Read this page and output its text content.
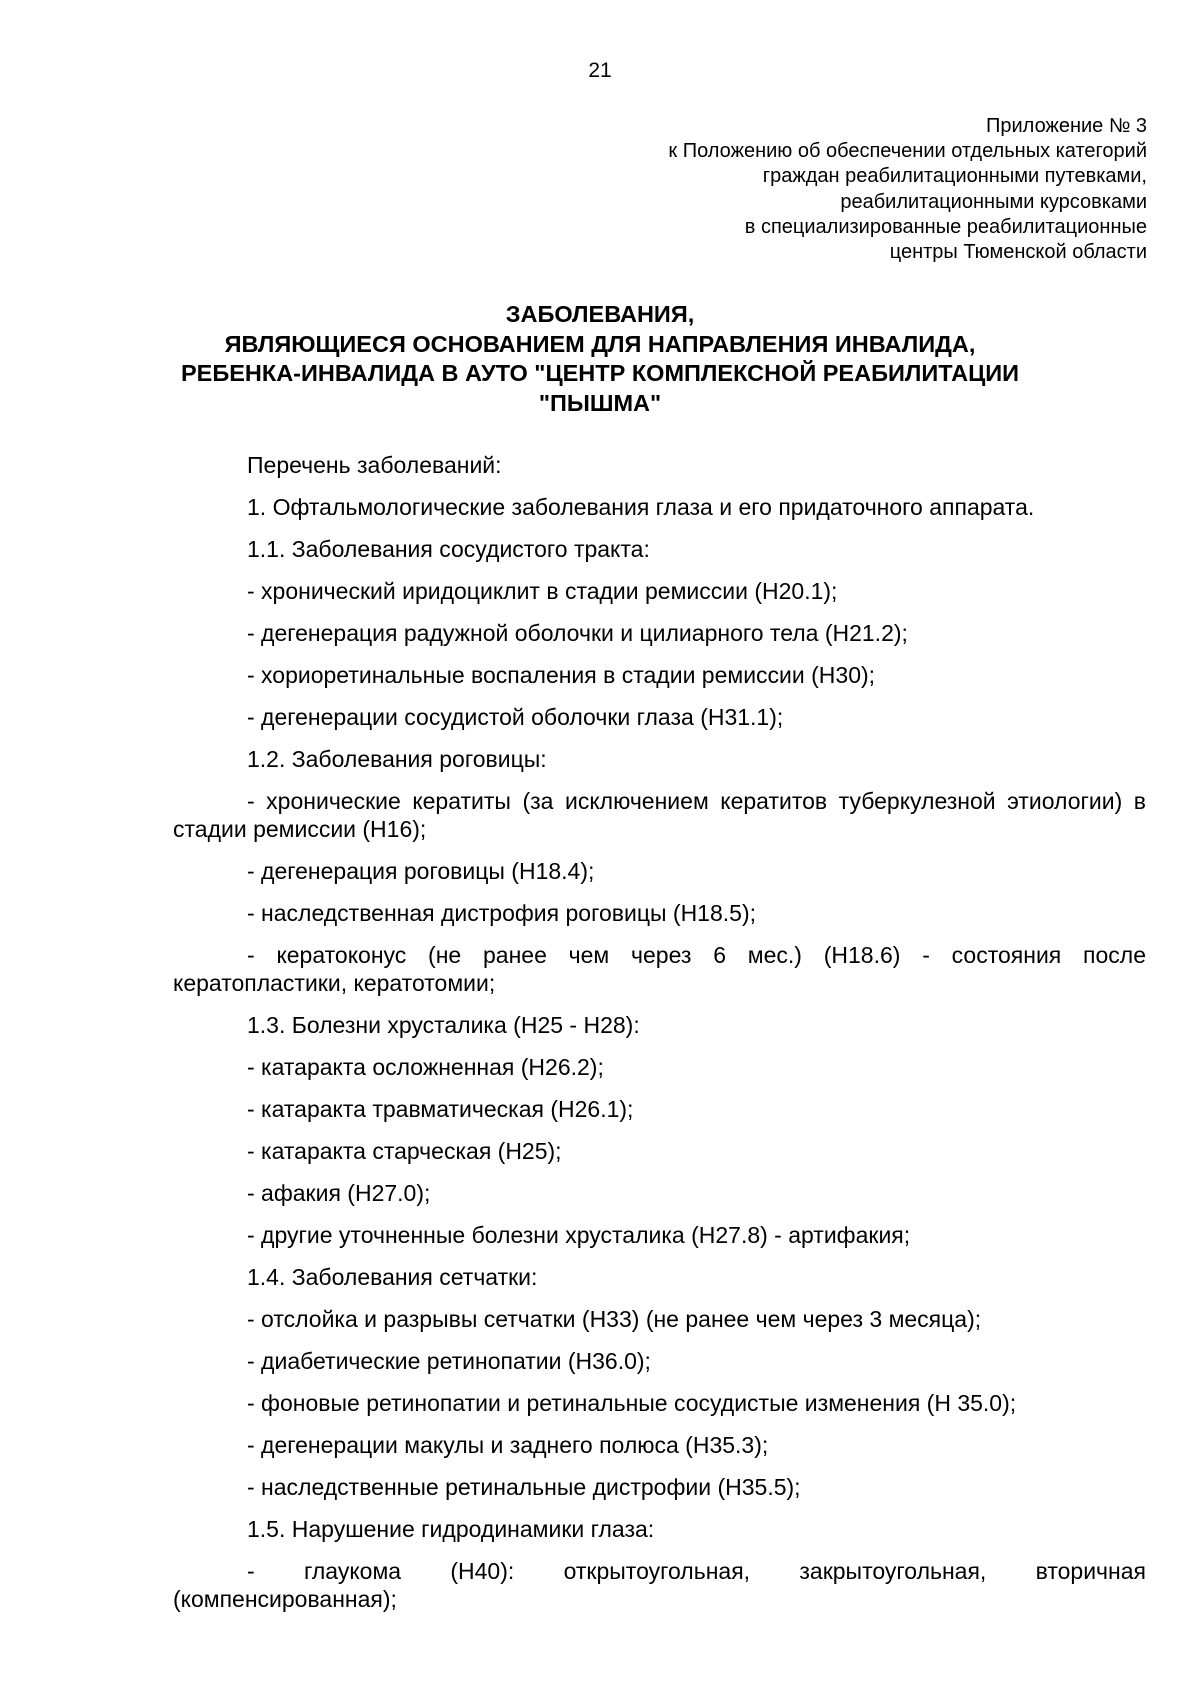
21
Приложение № 3
к Положению об обеспечении отдельных категорий
граждан реабилитационными путевками,
реабилитационными курсовками
в специализированные реабилитационные
центры Тюменской области
ЗАБОЛЕВАНИЯ,
ЯВЛЯЮЩИЕСЯ ОСНОВАНИЕМ ДЛЯ НАПРАВЛЕНИЯ ИНВАЛИДА,
РЕБЕНКА-ИНВАЛИДА В АУТО "ЦЕНТР КОМПЛЕКСНОЙ РЕАБИЛИТАЦИИ
"ПЫШМА"

Перечень заболеваний:

1. Офтальмологические заболевания глаза и его придаточного аппарата.

1.1. Заболевания сосудистого тракта:

- хронический иридоциклит в стадии ремиссии (H20.1);

- дегенерация радужной оболочки и цилиарного тела (H21.2);

- хориоретинальные воспаления в стадии ремиссии (H30);

- дегенерации сосудистой оболочки глаза (H31.1);

1.2. Заболевания роговицы:

- хронические кератиты (за исключением кератитов туберкулезной этиологии) в стадии ремиссии (H16);

- дегенерация роговицы (H18.4);

- наследственная дистрофия роговицы (H18.5);

- кератоконус (не ранее чем через 6 мес.) (H18.6) - состояния после кератопластики, кератотомии;

1.3. Болезни хрусталика (H25 - H28):

- катаракта осложненная (H26.2);

- катаракта травматическая (H26.1);

- катаракта старческая (H25);

- афакия (H27.0);

- другие уточненные болезни хрусталика (H27.8) - артифакия;

1.4. Заболевания сетчатки:

- отслойка и разрывы сетчатки (H33) (не ранее чем через 3 месяца);

- диабетические ретинопатии (H36.0);

- фоновые ретинопатии и ретинальные сосудистые изменения (H 35.0);

- дегенерации макулы и заднего полюса (H35.3);

- наследственные ретинальные дистрофии (H35.5);

1.5. Нарушение гидродинамики глаза:

- глаукома (H40): открытоугольная, закрытоугольная, вторичная (компенсированная);
